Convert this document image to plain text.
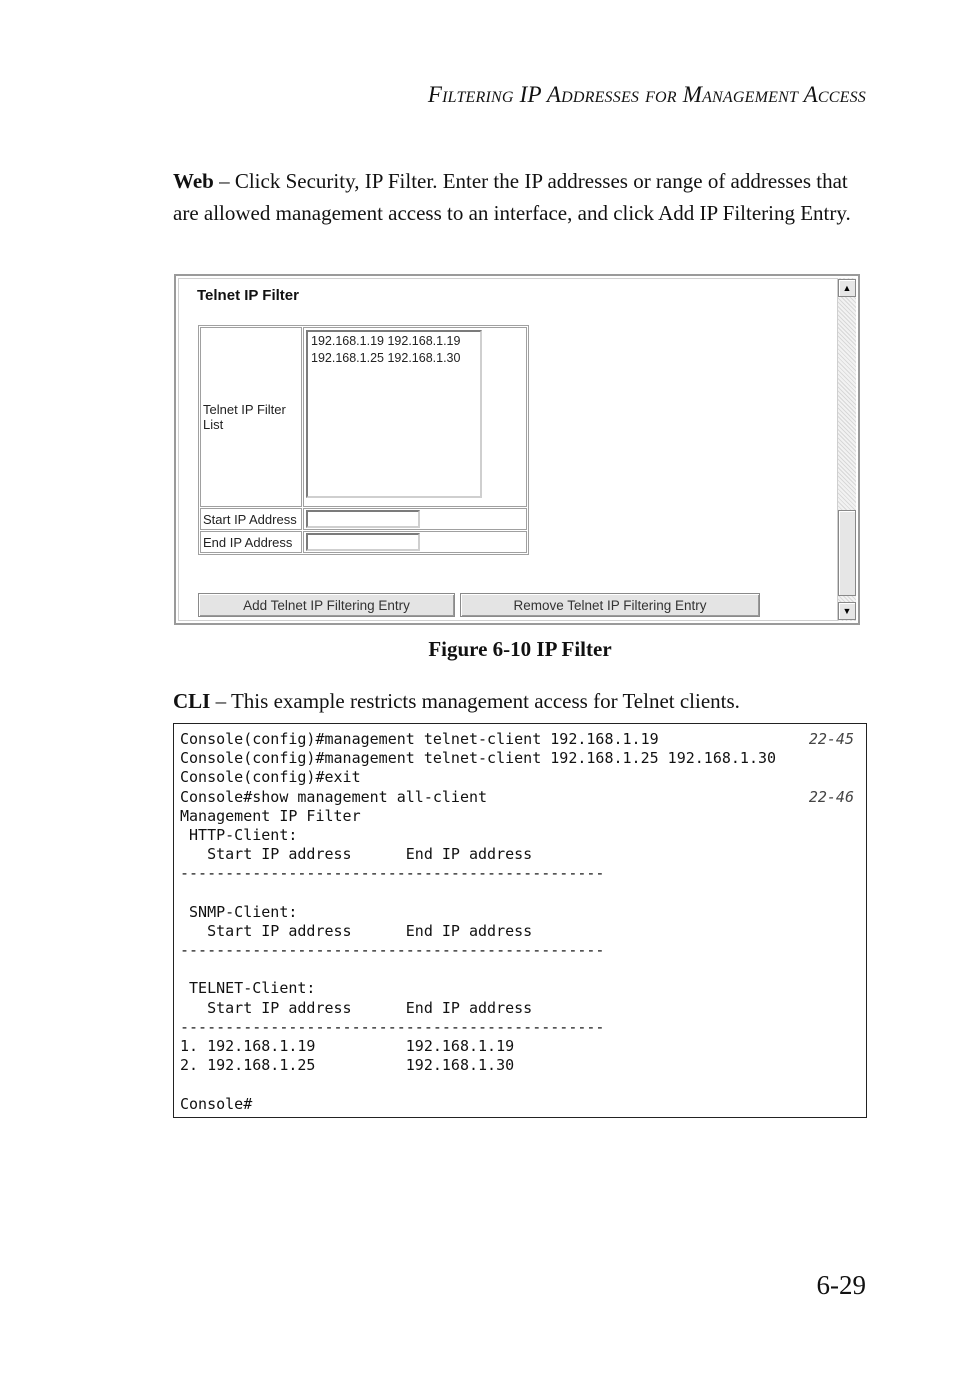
Filtering IP Addresses for Management Access
Web – Click Security, IP Filter. Enter the IP addresses or range of addresses that are allowed management access to an interface, and click Add IP Filtering Entry.
Telnet IP Filter
Telnet IP Filter List	192.168.1.19 192.168.1.19
192.168.1.25 192.168.1.30

Start IP Address	
End IP Address	
Add Telnet IP Filtering Entry	Remove Telnet IP Filtering Entry
▲
▼
Figure 6-10 IP Filter
CLI – This example restricts management access for Telnet clients.
Console(config)#management telnet-client 192.168.1.19	22-45
Console(config)#management telnet-client 192.168.1.25 192.168.1.30
Console(config)#exit
Console#show management all-client	22-46
Management IP Filter
HTTP-Client:
Start IP address      End IP address
-----------------------------------------------
SNMP-Client:
Start IP address      End IP address
-----------------------------------------------
TELNET-Client:
Start IP address      End IP address
-----------------------------------------------
1. 192.168.1.19          192.168.1.19
2. 192.168.1.25          192.168.1.30
Console#
6-29
